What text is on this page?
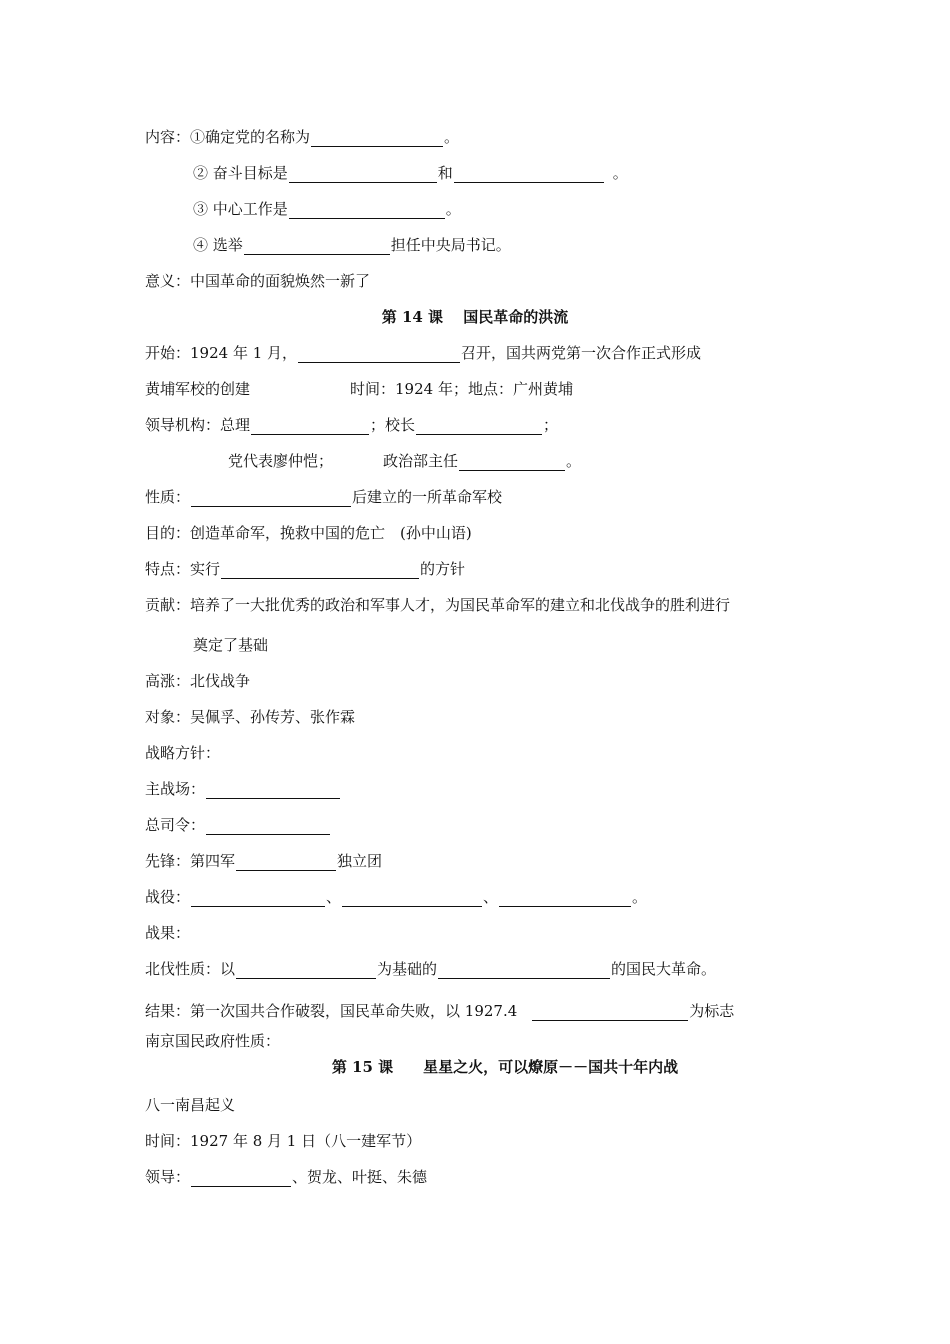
内容：①确定党的名称为	。
② 奋斗目标是	和	。
③ 中心工作是	。
④ 选举	担任中央局书记。
意义：中国革命的面貌焕然一新了
第 14 课　 国民革命的洪流
开始：1924 年 1 月，	召开，国共两党第一次合作正式形成
黄埔军校的创建	时间：1924 年；地点：广州黄埔
领导机构：总理	；校长	；
党代表廖仲恺；	政治部主任	。
性质：	后建立的一所革命军校
目的：创造革命军，挽救中国的危亡　(孙中山语)
特点：实行	的方针
贡献：培养了一大批优秀的政治和军事人才，为国民革命军的建立和北伐战争的胜利进行
奠定了基础
高涨：北伐战争
对象：吴佩孚、孙传芳、张作霖
战略方针：
主战场：
总司令：
先锋：第四军	独立团
战役：	、	、	。
战果：
北伐性质：以	为基础的	的国民大革命。
结果：第一次国共合作破裂，国民革命失败，以 1927.4	为标志
南京国民政府性质：
第 15 课　　星星之火，可以燎原－－国共十年内战
八一南昌起义
时间：1927 年 8 月 1 日（八一建军节）
领导：	、贺龙、叶挺、朱德
